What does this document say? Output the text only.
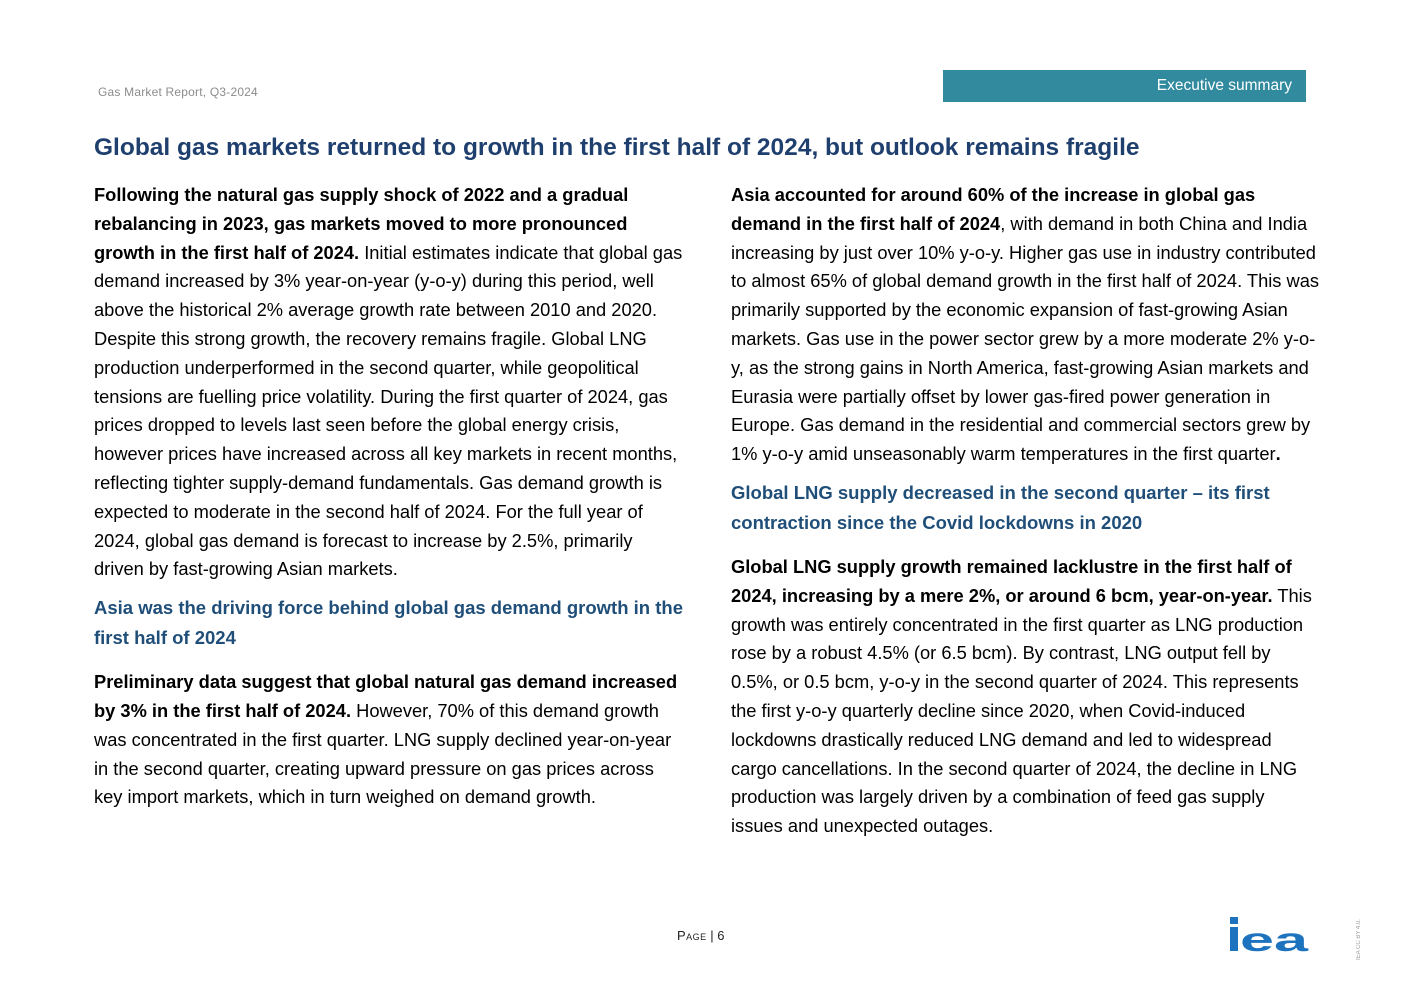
Gas Market Report, Q3-2024	Executive summary
Global gas markets returned to growth in the first half of 2024, but outlook remains fragile

Following the natural gas supply shock of 2022 and a gradual rebalancing in 2023, gas markets moved to more pronounced growth in the first half of 2024. Initial estimates indicate that global gas demand increased by 3% year-on-year (y-o-y) during this period, well above the historical 2% average growth rate between 2010 and 2020. Despite this strong growth, the recovery remains fragile. Global LNG production underperformed in the second quarter, while geopolitical tensions are fuelling price volatility. During the first quarter of 2024, gas prices dropped to levels last seen before the global energy crisis, however prices have increased across all key markets in recent months, reflecting tighter supply-demand fundamentals. Gas demand growth is expected to moderate in the second half of 2024. For the full year of 2024, global gas demand is forecast to increase by 2.5%, primarily driven by fast-growing Asian markets.

Asia was the driving force behind global gas demand growth in the first half of 2024

Preliminary data suggest that global natural gas demand increased by 3% in the first half of 2024. However, 70% of this demand growth was concentrated in the first quarter. LNG supply declined year-on-year in the second quarter, creating upward pressure on gas prices across key import markets, which in turn weighed on demand growth.

Asia accounted for around 60% of the increase in global gas demand in the first half of 2024, with demand in both China and India increasing by just over 10% y-o-y. Higher gas use in industry contributed to almost 65% of global demand growth in the first half of 2024. This was primarily supported by the economic expansion of fast-growing Asian markets. Gas use in the power sector grew by a more moderate 2% y-o-y, as the strong gains in North America, fast-growing Asian markets and Eurasia were partially offset by lower gas-fired power generation in Europe. Gas demand in the residential and commercial sectors grew by 1% y-o-y amid unseasonably warm temperatures in the first quarter.

Global LNG supply decreased in the second quarter – its first contraction since the Covid lockdowns in 2020

Global LNG supply growth remained lacklustre in the first half of 2024, increasing by a mere 2%, or around 6 bcm, year-on-year. This growth was entirely concentrated in the first quarter as LNG production rose by a robust 4.5% (or 6.5 bcm). By contrast, LNG output fell by 0.5%, or 0.5 bcm, y-o-y in the second quarter of 2024. This represents the first y-o-y quarterly decline since 2020, when Covid-induced lockdowns drastically reduced LNG demand and led to widespread cargo cancellations. In the second quarter of 2024, the decline in LNG production was largely driven by a combination of feed gas supply issues and unexpected outages.

Page | 6	ea	IEA CC BY 4.0.
